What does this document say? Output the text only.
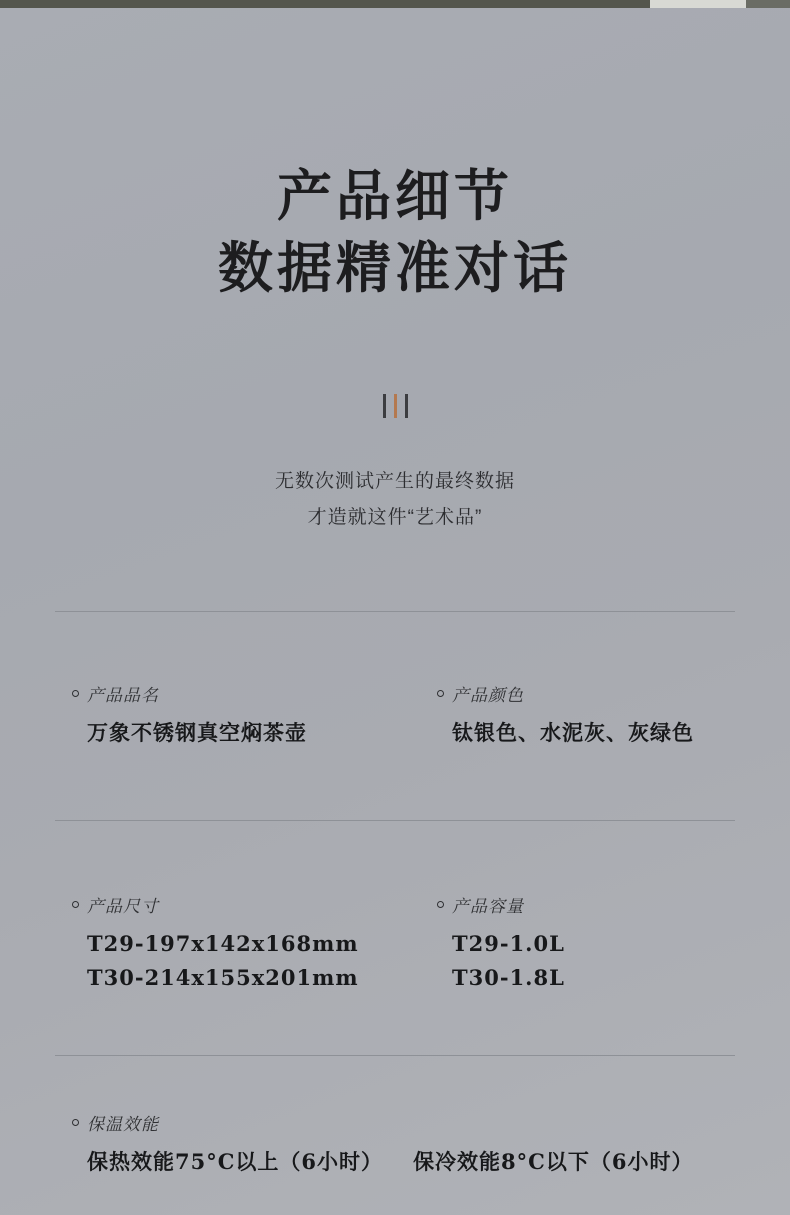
产品细节
数据精准对话
无数次测试产生的最终数据
才造就这件“艺术品”
产品品名
万象不锈钢真空焖茶壶
产品颜色
钛银色、水泥灰、灰绿色
产品尺寸
T29-197x142x168mm
T30-214x155x201mm
产品容量
T29-1.0L
T30-1.8L
保温效能
保热效能75°C以上（6小时） 保冷效能8°C以下（6小时）
